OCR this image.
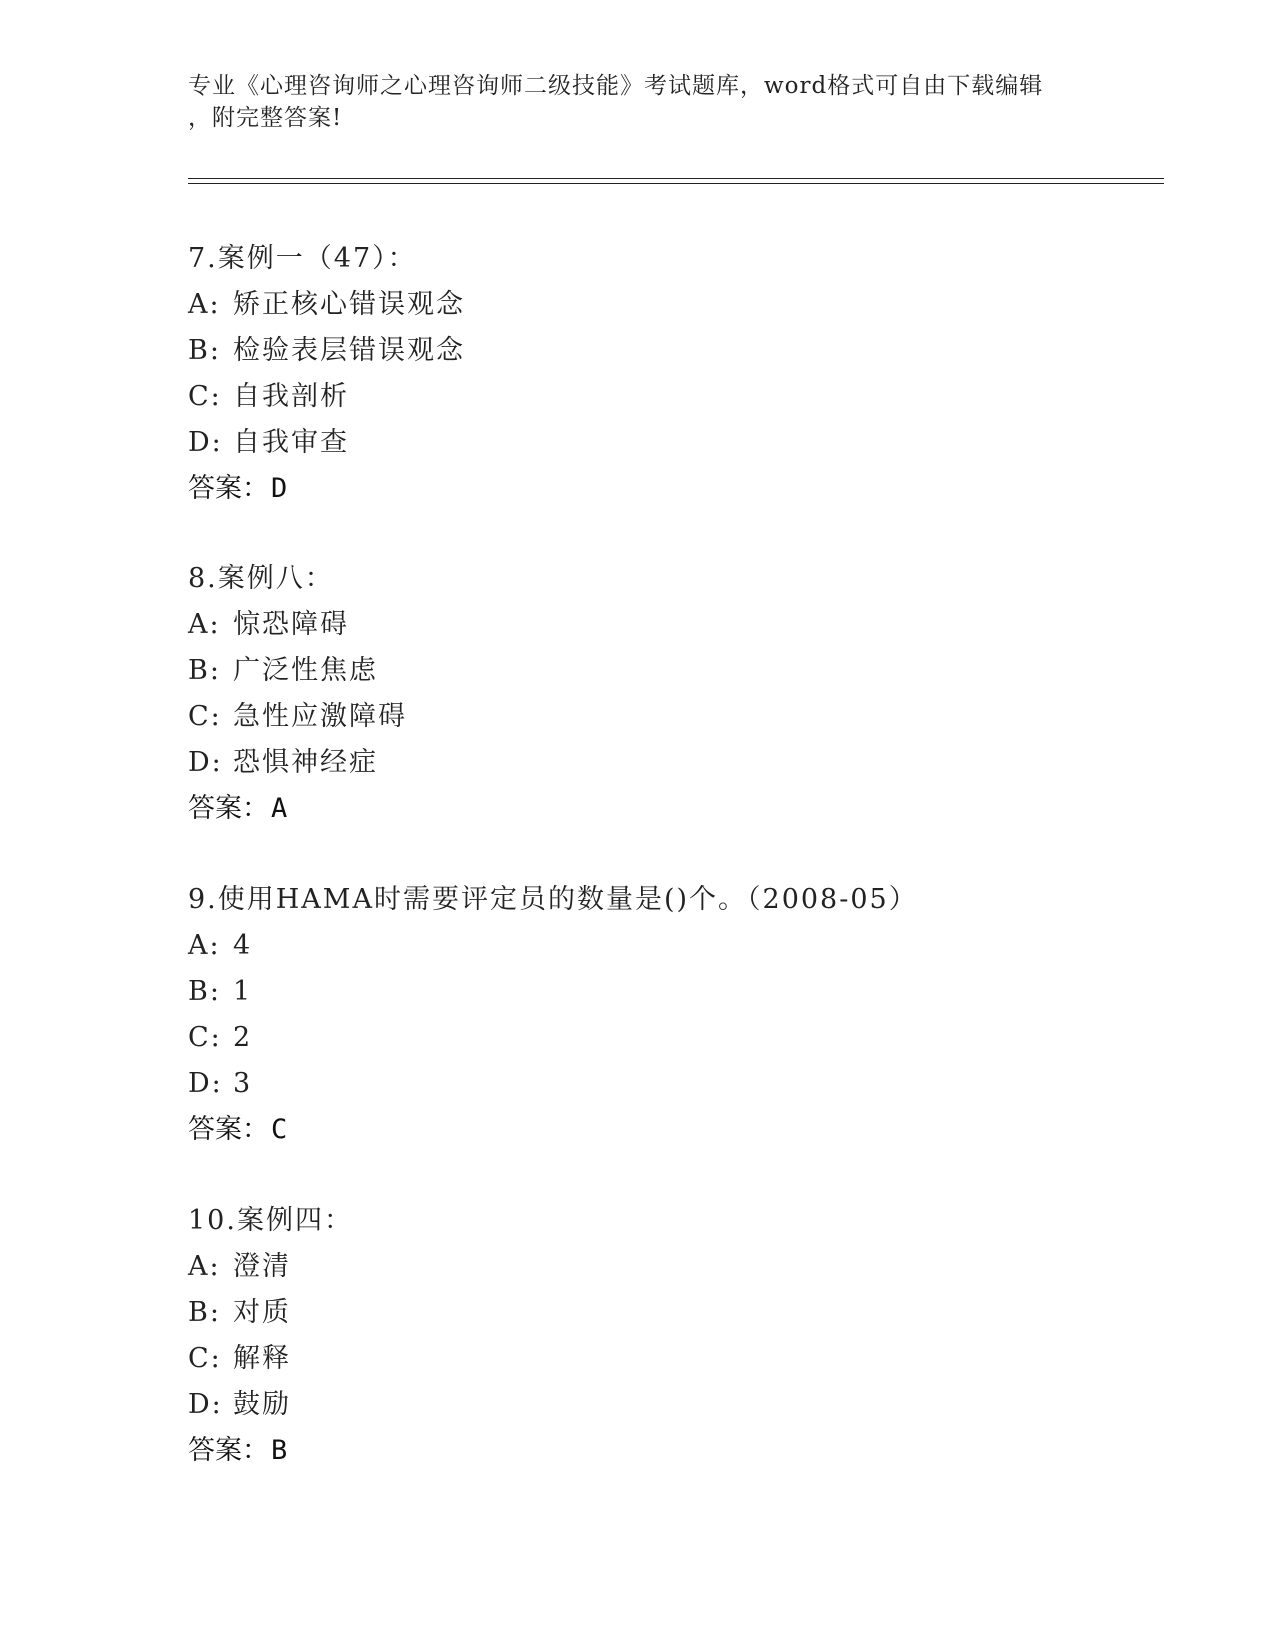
专业《心理咨询师之心理咨询师二级技能》考试题库，word格式可自由下载编辑
，附完整答案!
7.案例一（47）：
A: 矫正核心错误观念
B: 检验表层错误观念
C: 自我剖析
D: 自我审查
答案：D
8.案例八：
A: 惊恐障碍
B: 广泛性焦虑
C: 急性应激障碍
D: 恐惧神经症
答案：A
9.使用HAMA时需要评定员的数量是()个。（2008-05）
A: 4
B: 1
C: 2
D: 3
答案：C
10.案例四：
A: 澄清
B: 对质
C: 解释
D: 鼓励
答案：B
